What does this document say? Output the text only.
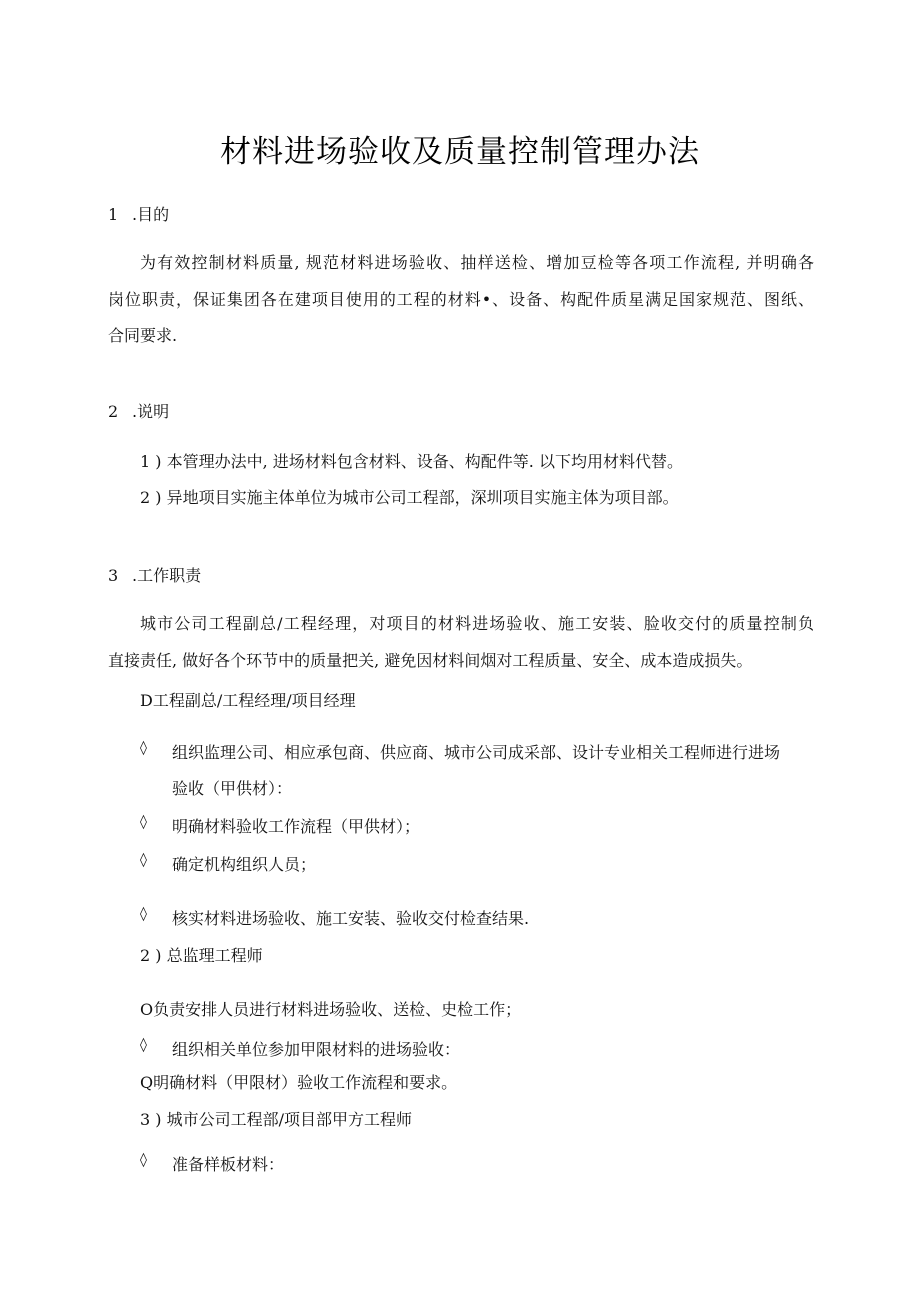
材料进场验收及质量控制管理办法
1 .目的
为有效控制材料质量, 规范材料进场验收、抽样送检、增加豆检等各项工作流程, 并明确各
岗位职责，保证集团各在建项目使用的工程的材料•、设备、构配件质星满足国家规范、图纸、
合同要求.
2 .说明
1 ) 本管理办法中, 进场材料包含材料、设备、构配件等. 以下均用材料代替。
2 ) 异地项目实施主体单位为城市公司工程部，深圳项目实施主体为项目部。
3 .工作职责
城市公司工程副总/工程经理，对项目的材料进场验收、施工安装、脸收交付的质量控制负
直接责任, 做好各个环节中的质量把关, 避免因材料间烟对工程质量、安全、成本造成损失。
D工程副总/工程经理/项目经理
◊ 组织监理公司、相应承包商、供应商、城市公司成采部、设计专业相关工程师进行进场
验收（甲供材）：
◊ 明确材料验收工作流程（甲供材）；
◊ 确定机构组织人员；
◊ 核实材料进场验收、施工安装、验收交付检查结果.
2 ) 总监理工程师
O负责安排人员进行材料进场验收、送检、史检工作；
◊ 组织相关单位参加甲限材料的进场验收：
Q明确材料（甲限材）验收工作流程和要求。
3 ) 城市公司工程部/项目部甲方工程师
◊ 准备样板材料：
